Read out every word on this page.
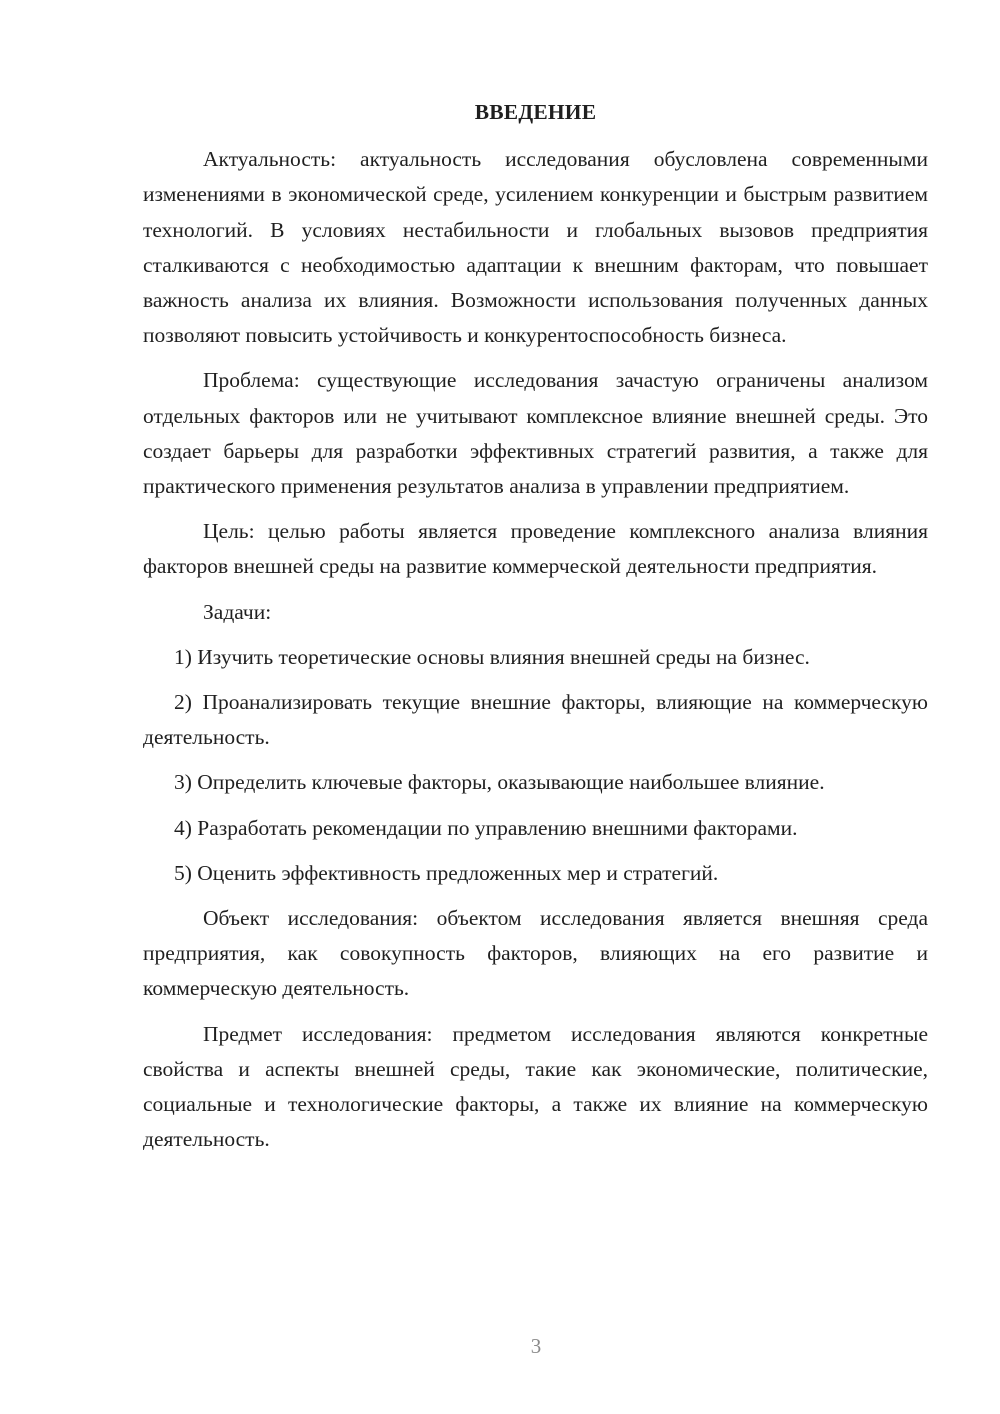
ВВЕДЕНИЕ

Актуальность: актуальность исследования обусловлена современными изменениями в экономической среде, усилением конкуренции и быстрым развитием технологий. В условиях нестабильности и глобальных вызовов предприятия сталкиваются с необходимостью адаптации к внешним факторам, что повышает важность анализа их влияния. Возможности использования полученных данных позволяют повысить устойчивость и конкурентоспособность бизнеса.

Проблема: существующие исследования зачастую ограничены анализом отдельных факторов или не учитывают комплексное влияние внешней среды. Это создает барьеры для разработки эффективных стратегий развития, а также для практического применения результатов анализа в управлении предприятием.

Цель: целью работы является проведение комплексного анализа влияния факторов внешней среды на развитие коммерческой деятельности предприятия.

Задачи:

1) Изучить теоретические основы влияния внешней среды на бизнес.

2) Проанализировать текущие внешние факторы, влияющие на коммерческую деятельность.

3) Определить ключевые факторы, оказывающие наибольшее влияние.

4) Разработать рекомендации по управлению внешними факторами.

5) Оценить эффективность предложенных мер и стратегий.

Объект исследования: объектом исследования является внешняя среда предприятия, как совокупность факторов, влияющих на его развитие и коммерческую деятельность.

Предмет исследования: предметом исследования являются конкретные свойства и аспекты внешней среды, такие как экономические, политические, социальные и технологические факторы, а также их влияние на коммерческую деятельность.

3
